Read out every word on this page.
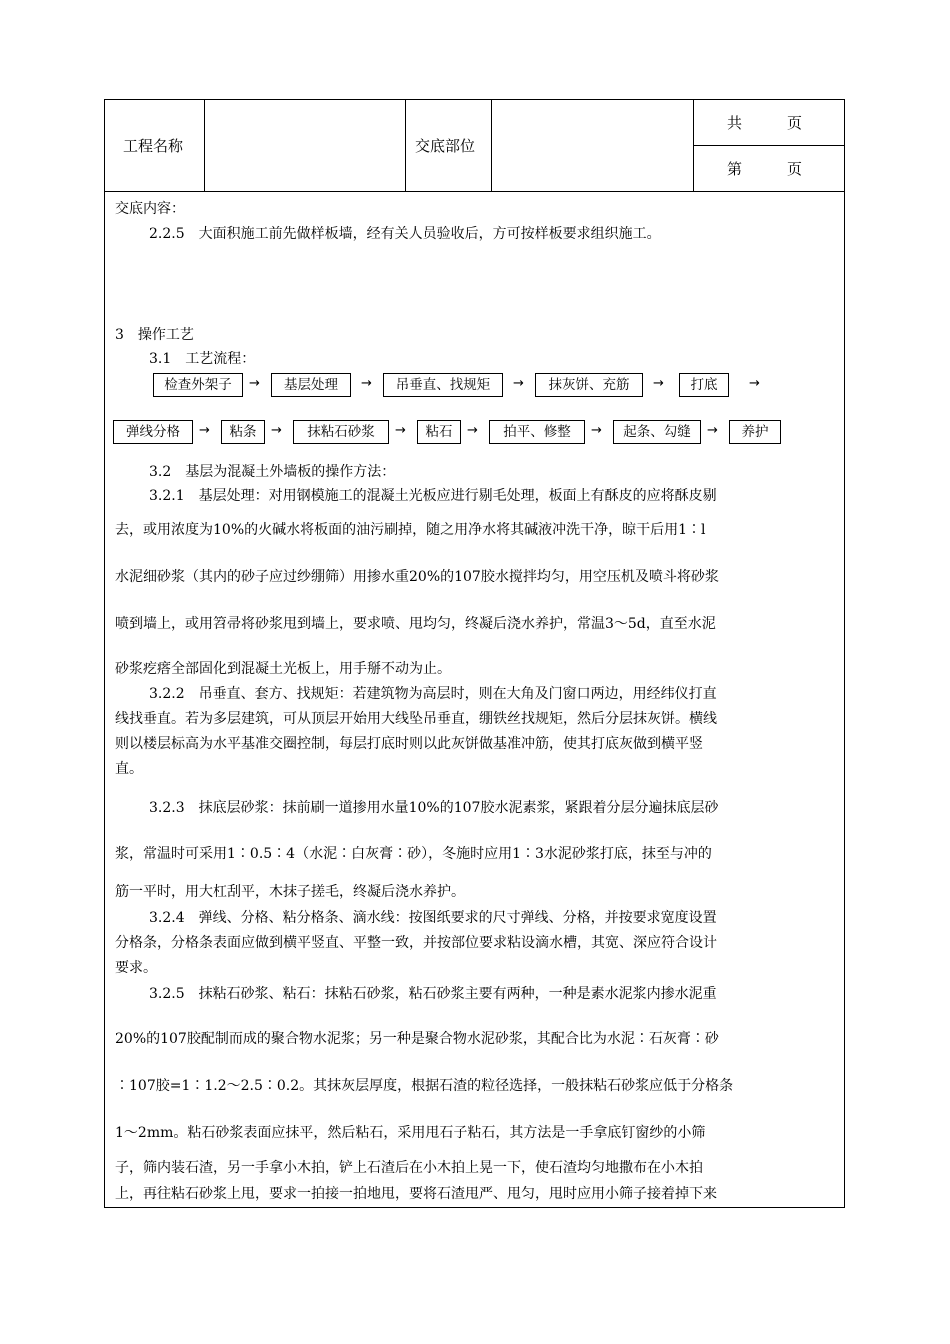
工程名称	交底部位
共　　　页
第　　　页
交底内容：
2.2.5　大面积施工前先做样板墙，经有关人员验收后，方可按样板要求组织施工。
3　操作工艺
3.1　工艺流程：
检查外架子	→	基层处理	→	吊垂直、找规矩	→	抹灰饼、充筋	→	打底	→
弹线分格	→	粘条	→	抹粘石砂浆	→	粘石	→	拍平、修整	→	起条、勾缝	→	养护
3.2　基层为混凝土外墙板的操作方法：
3.2.1　基层处理：对用钢模施工的混凝土光板应进行剔毛处理，板面上有酥皮的应将酥皮剔
去，或用浓度为10%的火碱水将板面的油污刷掉，随之用净水将其碱液冲洗干净，晾干后用1∶l
水泥细砂浆（其内的砂子应过纱绷筛）用掺水重20%的107胶水搅拌均匀，用空压机及喷斗将砂浆
喷到墙上，或用笤帚将砂浆甩到墙上，要求喷、甩均匀，终凝后浇水养护，常温3～5d，直至水泥
砂浆疙瘩全部固化到混凝土光板上，用手掰不动为止。
3.2.2　吊垂直、套方、找规矩：若建筑物为高层时，则在大角及门窗口两边，用经纬仪打直
线找垂直。若为多层建筑，可从顶层开始用大线坠吊垂直，绷铁丝找规矩，然后分层抹灰饼。横线
则以楼层标高为水平基准交圈控制，每层打底时则以此灰饼做基准冲筋，使其打底灰做到横平竖
直。
3.2.3　抹底层砂浆：抹前刷一道掺用水量10%的107胶水泥素浆，紧跟着分层分遍抹底层砂
浆，常温时可采用1∶0.5∶4（水泥∶白灰膏∶砂），冬施时应用1∶3水泥砂浆打底，抹至与冲的
筋一平时，用大杠刮平，木抹子搓毛，终凝后浇水养护。
3.2.4　弹线、分格、粘分格条、滴水线：按图纸要求的尺寸弹线、分格，并按要求宽度设置
分格条，分格条表面应做到横平竖直、平整一致，并按部位要求粘设滴水槽，其宽、深应符合设计
要求。
3.2.5　抹粘石砂浆、粘石：抹粘石砂浆，粘石砂浆主要有两种，一种是素水泥浆内掺水泥重
20%的107胶配制而成的聚合物水泥浆；另一种是聚合物水泥砂浆，其配合比为水泥∶石灰膏∶砂
∶107胶=1∶1.2～2.5∶0.2。其抹灰层厚度，根据石渣的粒径选择，一般抹粘石砂浆应低于分格条
1～2mm。粘石砂浆表面应抹平，然后粘石，采用甩石子粘石，其方法是一手拿底钉窗纱的小筛
子，筛内装石渣，另一手拿小木拍，铲上石渣后在小木拍上晃一下，使石渣均匀地撒布在小木拍
上，再往粘石砂浆上甩，要求一拍接一拍地甩，要将石渣甩严、甩匀，甩时应用小筛子接着掉下来
